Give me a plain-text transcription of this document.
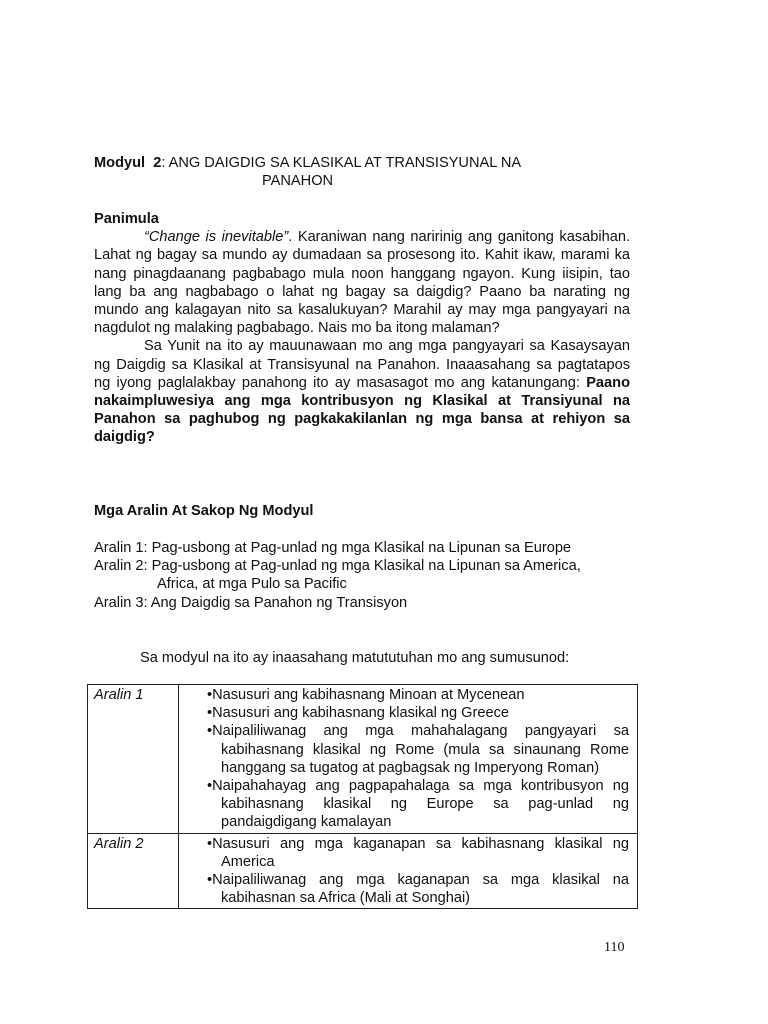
Modyul 2: ANG DAIGDIG SA KLASIKAL AT TRANSISYUNAL NA
PANAHON
Panimula
“Change is inevitable”. Karaniwan nang naririnig ang ganitong kasabihan. Lahat ng bagay sa mundo ay dumadaan sa prosesong ito. Kahit ikaw, marami ka nang pinagdaanang pagbabago mula noon hanggang ngayon. Kung iisipin, tao lang ba ang nagbabago o lahat ng bagay sa daigdig? Paano ba narating ng mundo ang kalagayan nito sa kasalukuyan? Marahil ay may mga pangyayari na nagdulot ng malaking pagbabago. Nais mo ba itong malaman?
Sa Yunit na ito ay mauunawaan mo ang mga pangyayari sa Kasaysayan ng Daigdig sa Klasikal at Transisyunal na Panahon. Inaaasahang sa pagtatapos ng iyong paglalakbay panahong ito ay masasagot mo ang katanungang: Paano nakaimpluwesiya ang mga kontribusyon ng Klasikal at Transiyunal na Panahon sa paghubog ng pagkakakilanlan ng mga bansa at rehiyon sa daigdig?
Mga Aralin At Sakop Ng Modyul
Aralin 1: Pag-usbong at Pag-unlad ng mga Klasikal na Lipunan sa Europe
Aralin 2: Pag-usbong at Pag-unlad ng mga Klasikal na Lipunan sa America,
Africa, at mga Pulo sa Pacific
Aralin 3: Ang Daigdig sa Panahon ng Transisyon
Sa modyul na ito ay inaasahang matututuhan mo ang sumusunod:
Aralin 1	•Nasusuri ang kabihasnang Minoan at Mycenean
•Nasusuri ang kabihasnang klasikal ng Greece
•Naipaliliwanag ang mga mahahalagang pangyayari sa kabihasnang klasikal ng Rome (mula sa sinaunang Rome hanggang sa tugatog at pagbagsak ng Imperyong Roman)
•Naipahahayag ang pagpapahalaga sa mga kontribusyon ng kabihasnang klasikal ng Europe sa pag-unlad ng pandaigdigang kamalayan

Aralin 2	•Nasusuri ang mga kaganapan sa kabihasnang klasikal ng America
•Naipaliliwanag ang mga kaganapan sa mga klasikal na kabihasnan sa Africa (Mali at Songhai)
110
